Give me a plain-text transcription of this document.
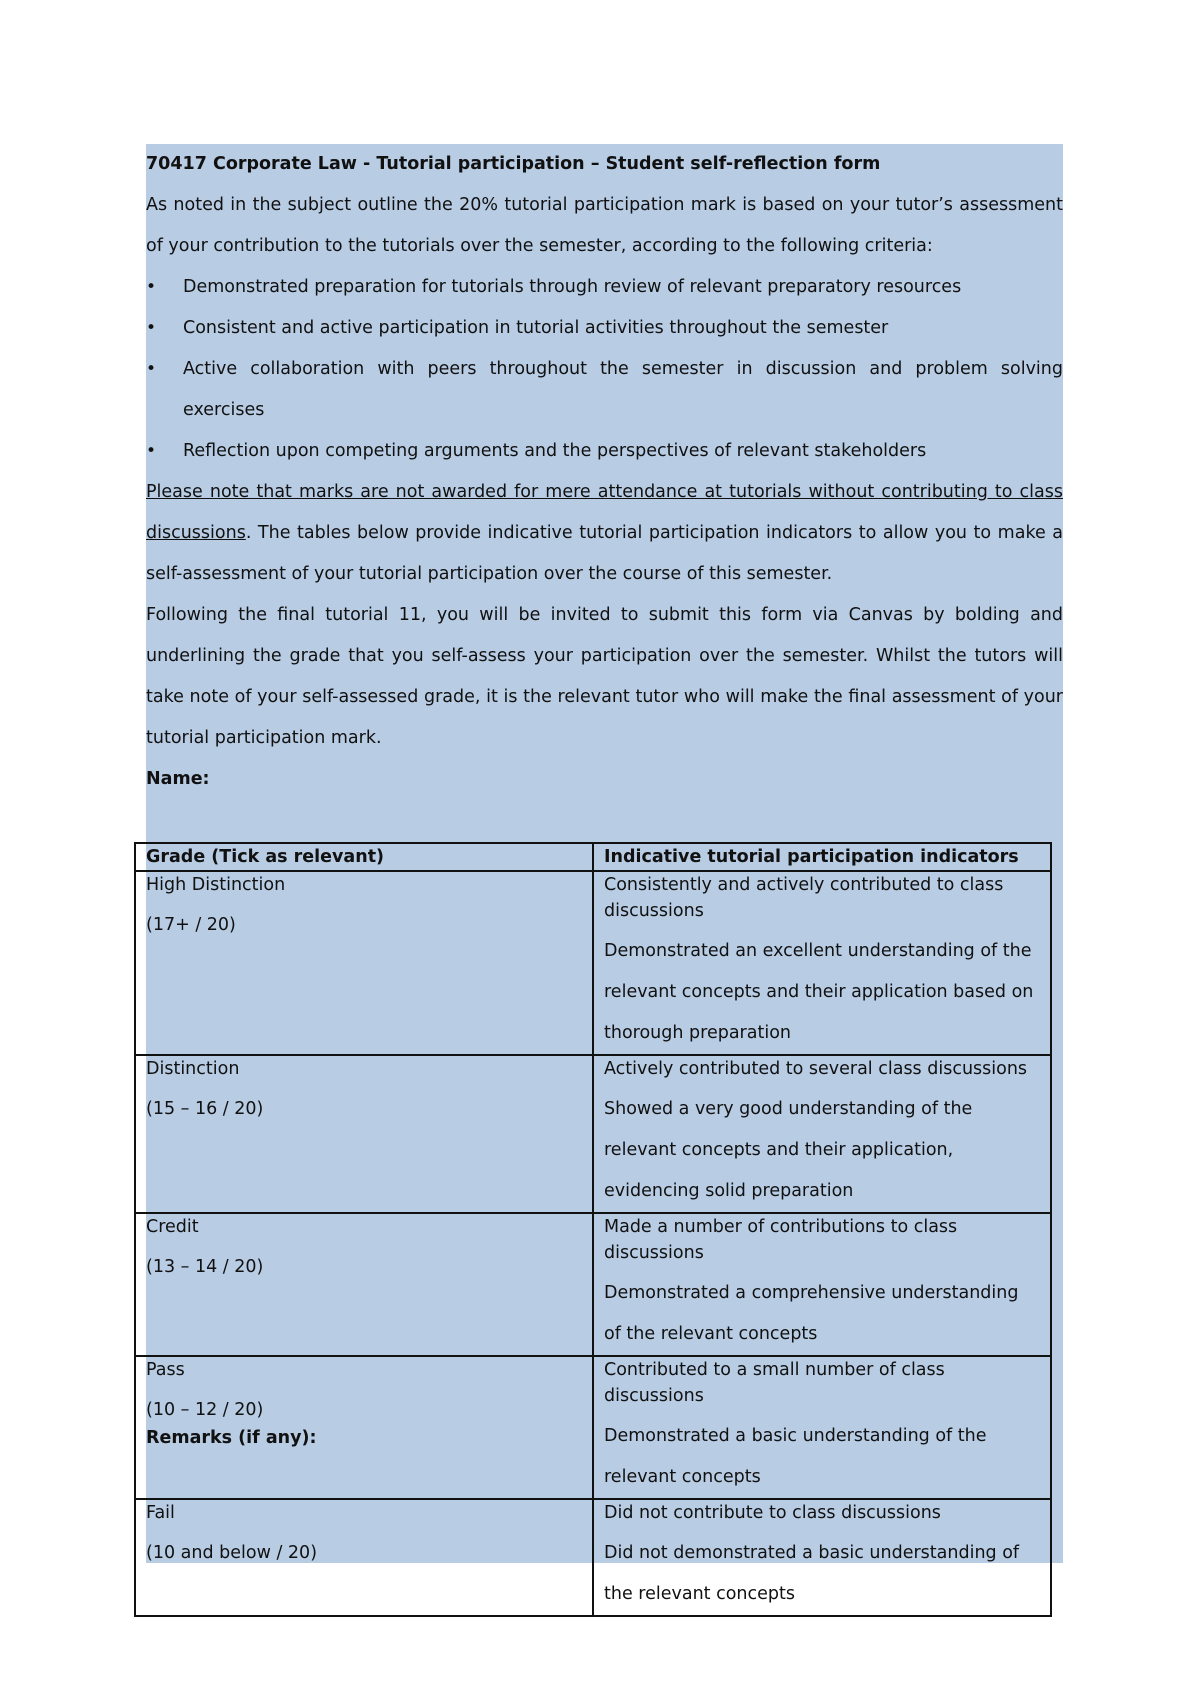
70417 Corporate Law - Tutorial participation – Student self-reflection form

As noted in the subject outline the 20% tutorial participation mark is based on your tutor’s assessment of your contribution to the tutorials over the semester, according to the following criteria:

• Demonstrated preparation for tutorials through review of relevant preparatory resources
• Consistent and active participation in tutorial activities throughout the semester
• Active collaboration with peers throughout the semester in discussion and problem solving exercises
• Reflection upon competing arguments and the perspectives of relevant stakeholders

Please note that marks are not awarded for mere attendance at tutorials without contributing to class discussions. The tables below provide indicative tutorial participation indicators to allow you to make a self-assessment of your tutorial participation over the course of this semester.

Following the final tutorial 11, you will be invited to submit this form via Canvas by bolding and underlining the grade that you self-assess your participation over the semester. Whilst the tutors will take note of your self-assessed grade, it is the relevant tutor who will make the final assessment of your tutorial participation mark.

Name:

Grade (Tick as relevant)	Indicative tutorial participation indicators

High Distinction
(17+ / 20)	Consistently and actively contributed to class discussions
Demonstrated an excellent understanding of the relevant concepts and their application based on thorough preparation

Distinction
(15 – 16 / 20)	Actively contributed to several class discussions
Showed a very good understanding of the relevant concepts and their application, evidencing solid preparation

Credit
(13 – 14 / 20)	Made a number of contributions to class discussions
Demonstrated a comprehensive understanding of the relevant concepts

Pass
(10 – 12 / 20)	Contributed to a small number of class discussions
Demonstrated a basic understanding of the relevant concepts

Fail
(10 and below / 20)	Did not contribute to class discussions
Did not demonstrated a basic understanding of the relevant concepts

Remarks (if any):
